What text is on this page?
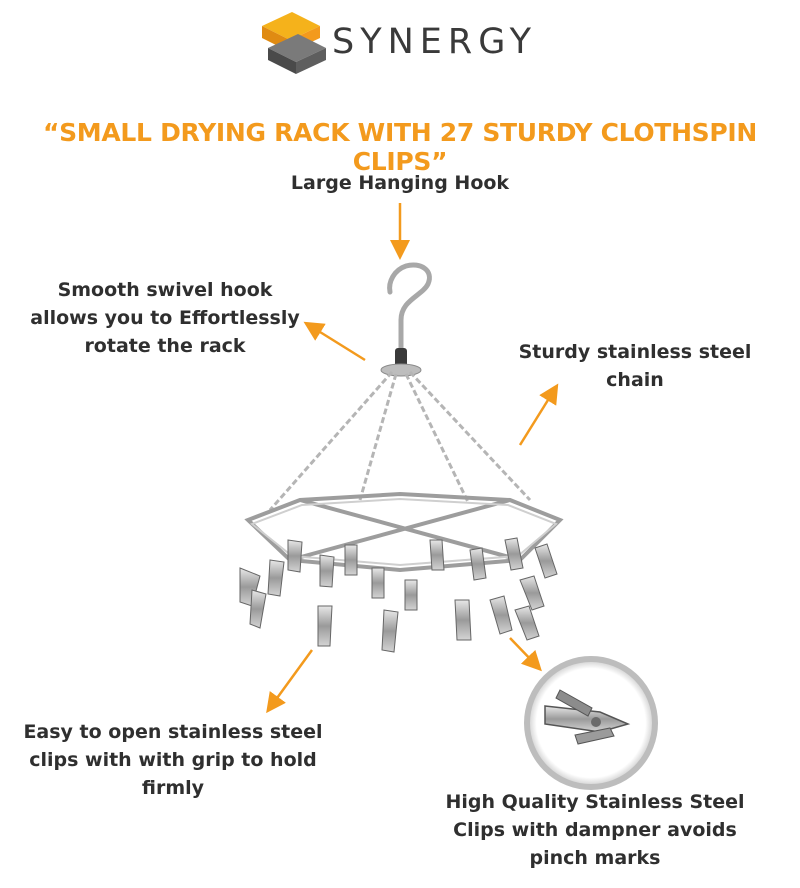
SYNERGY
“SMALL DRYING RACK WITH 27 STURDY CLOTHSPIN CLIPS”
Large Hanging Hook
Smooth swivel hook
allows you to Effortlessly
rotate the rack	Sturdy stainless steel
chain
Easy to open stainless steel
clips with with grip to hold
firmly
High Quality Stainless Steel
Clips with dampner avoids
pinch marks
